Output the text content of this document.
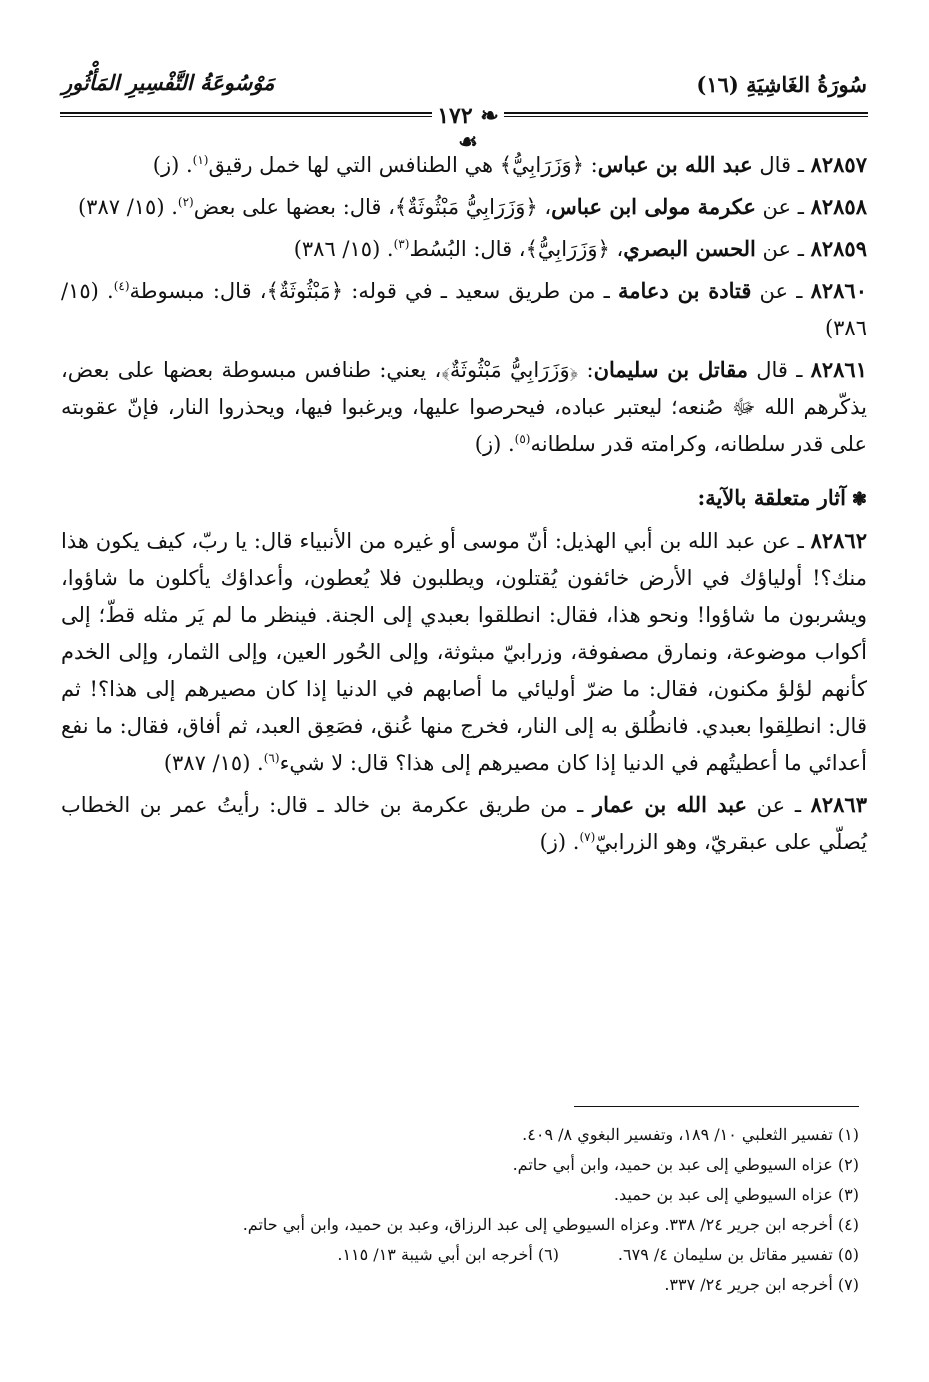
سُورَةُ الغَاشِيَةِ (١٦)
مَوْسُوعَةُ التَّفْسِيرِ المَأْثُورِ
❧ ١٧٢ ☙

٨٢٨٥٧ ـ قال عبد الله بن عباس: ﴿وَزَرَابِيُّ﴾ هي الطنافس التي لها خمل رقيق$^{(١)}$. (ز)

٨٢٨٥٨ ـ عن عكرمة مولى ابن عباس، ﴿وَزَرَابِيُّ مَبْثُوثَةٌ﴾، قال: بعضها على بعض$^{(٢)}$. (١٥/ ٣٨٧)

٨٢٨٥٩ ـ عن الحسن البصري، ﴿وَزَرَابِيُّ﴾، قال: البُسُط$^{(٣)}$. (١٥/ ٣٨٦)

٨٢٨٦٠ ـ عن قتادة بن دعامة ـ من طريق سعيد ـ في قوله: ﴿مَبْثُوثَةٌ﴾، قال: مبسوطة$^{(٤)}$. (١٥/ ٣٨٦)

٨٢٨٦١ ـ قال مقاتل بن سليمان: ﴿وَزَرَابِيُّ مَبْثُوثَةٌ﴾، يعني: طنافس مبسوطة بعضها على بعض، يذكّرهم الله ﷻ صُنعه؛ ليعتبر عباده، فيحرصوا عليها، ويرغبوا فيها، ويحذروا النار، فإنّ عقوبته على قدر سلطانه، وكرامته قدر سلطانه$^{(٥)}$. (ز)

❃آثار متعلقة بالآية:

٨٢٨٦٢ ـ عن عبد الله بن أبي الهذيل: أنّ موسى أو غيره من الأنبياء قال: يا ربّ، كيف يكون هذا منك؟! أولياؤك في الأرض خائفون يُقتلون، ويطلبون فلا يُعطون، وأعداؤك يأكلون ما شاؤوا، ويشربون ما شاؤوا! ونحو هذا، فقال: انطلقوا بعبدي إلى الجنة. فينظر ما لم يَر مثله قطّ؛ إلى أكواب موضوعة، ونمارق مصفوفة، وزرابيّ مبثوثة، وإلى الحُور العين، وإلى الثمار، وإلى الخدم كأنهم لؤلؤ مكنون، فقال: ما ضرّ أوليائي ما أصابهم في الدنيا إذا كان مصيرهم إلى هذا؟! ثم قال: انطلِقوا بعبدي. فانطُلق به إلى النار، فخرج منها عُنق، فصَعِق العبد، ثم أفاق، فقال: ما نفع أعدائي ما أعطيتُهم في الدنيا إذا كان مصيرهم إلى هذا؟ قال: لا شيء$^{(٦)}$. (١٥/ ٣٨٧)

٨٢٨٦٣ ـ عن عبد الله بن عمار ـ من طريق عكرمة بن خالد ـ قال: رأيتُ عمر بن الخطاب يُصلّي على عبقريّ، وهو الزرابيّ$^{(٧)}$. (ز)

(١) تفسير الثعلبي ١٠/ ١٨٩، وتفسير البغوي ٨/ ٤٠٩.
(٢) عزاه السيوطي إلى عبد بن حميد، وابن أبي حاتم.
(٣) عزاه السيوطي إلى عبد بن حميد.
(٤) أخرجه ابن جرير ٢٤/ ٣٣٨. وعزاه السيوطي إلى عبد الرزاق، وعبد بن حميد، وابن أبي حاتم.
(٥) تفسير مقاتل بن سليمان ٤/ ٦٧٩.
(٦) أخرجه ابن أبي شيبة ١٣/ ١١٥.
(٧) أخرجه ابن جرير ٢٤/ ٣٣٧.
